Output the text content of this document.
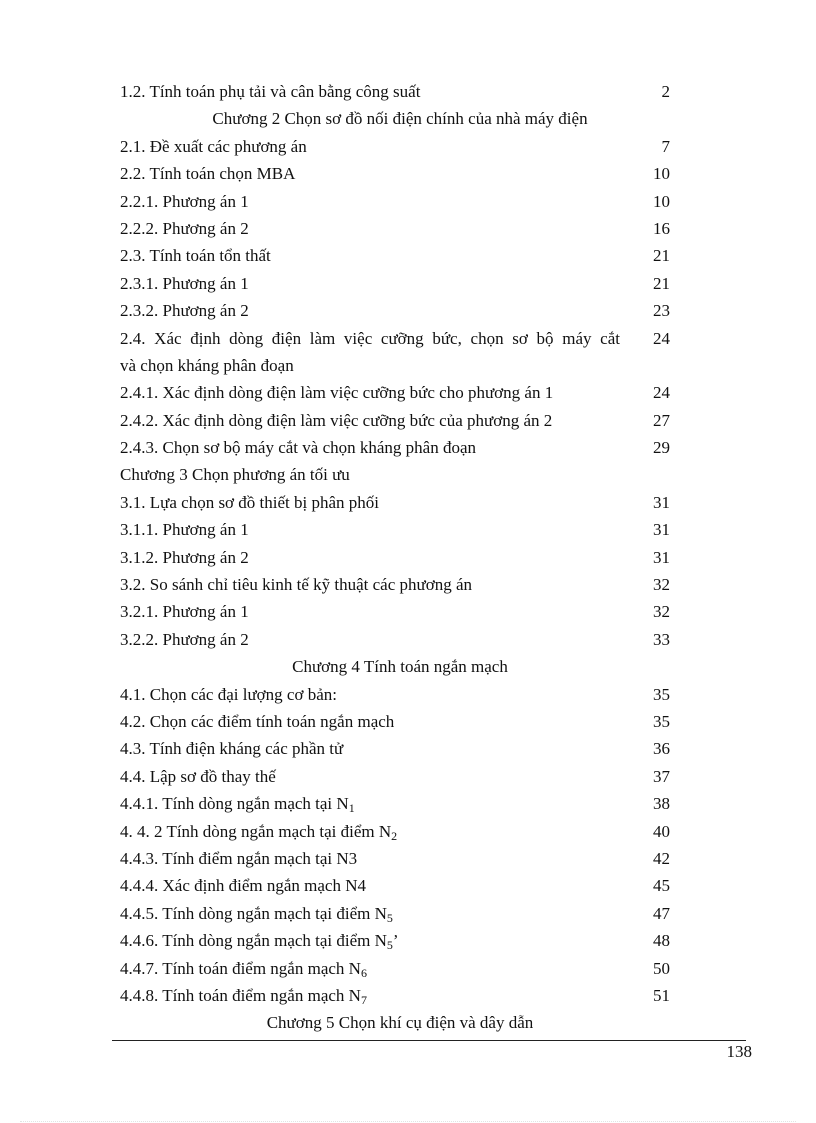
1.2. Tính toán phụ tải và cân bằng công suất	2
Chương 2 Chọn sơ đồ nối điện chính của nhà máy điện
2.1. Đề xuất các phương án	7
2.2. Tính toán chọn MBA	10
2.2.1. Phương án 1	10
2.2.2. Phương án 2	16
2.3. Tính toán tổn thất	21
2.3.1. Phương án 1	21
2.3.2. Phương án 2	23
2.4. Xác định dòng điện làm việc cưỡng bức, chọn sơ bộ máy cắt	24
và chọn kháng phân đoạn
2.4.1. Xác định dòng điện làm việc cưỡng bức cho phương án 1	24
2.4.2. Xác định dòng điện làm việc cưỡng bức của phương án 2	27
2.4.3. Chọn sơ bộ máy cắt và chọn kháng phân đoạn	29
Chương 3 Chọn phương án tối ưu
3.1. Lựa chọn sơ đồ thiết bị phân phối	31
3.1.1. Phương án 1	31
3.1.2. Phương án 2	31
3.2. So sánh chỉ tiêu kinh tế kỹ thuật các phương án	32
3.2.1. Phương án 1	32
3.2.2. Phương án 2	33
Chương 4 Tính toán ngắn mạch
4.1. Chọn các đại lượng cơ bản:	35
4.2. Chọn các điểm tính toán ngắn mạch	35
4.3. Tính điện kháng các phần tử	36
4.4. Lập sơ đồ thay thế	37
4.4.1. Tính dòng ngắn mạch tại $N_1$	38
4. 4. 2 Tính dòng ngắn mạch tại điểm $N_2$	40
4.4.3. Tính điểm ngắn mạch tại N3	42
4.4.4. Xác định điểm ngắn mạch N4	45
4.4.5. Tính dòng ngắn mạch tại điểm $N_5$	47
4.4.6. Tính dòng ngắn mạch tại điểm $N_5$’	48
4.4.7. Tính toán điểm ngắn mạch $N_6$	50
4.4.8. Tính toán điểm ngắn mạch $N_7$	51
Chương 5 Chọn khí cụ điện và dây dẫn
138
